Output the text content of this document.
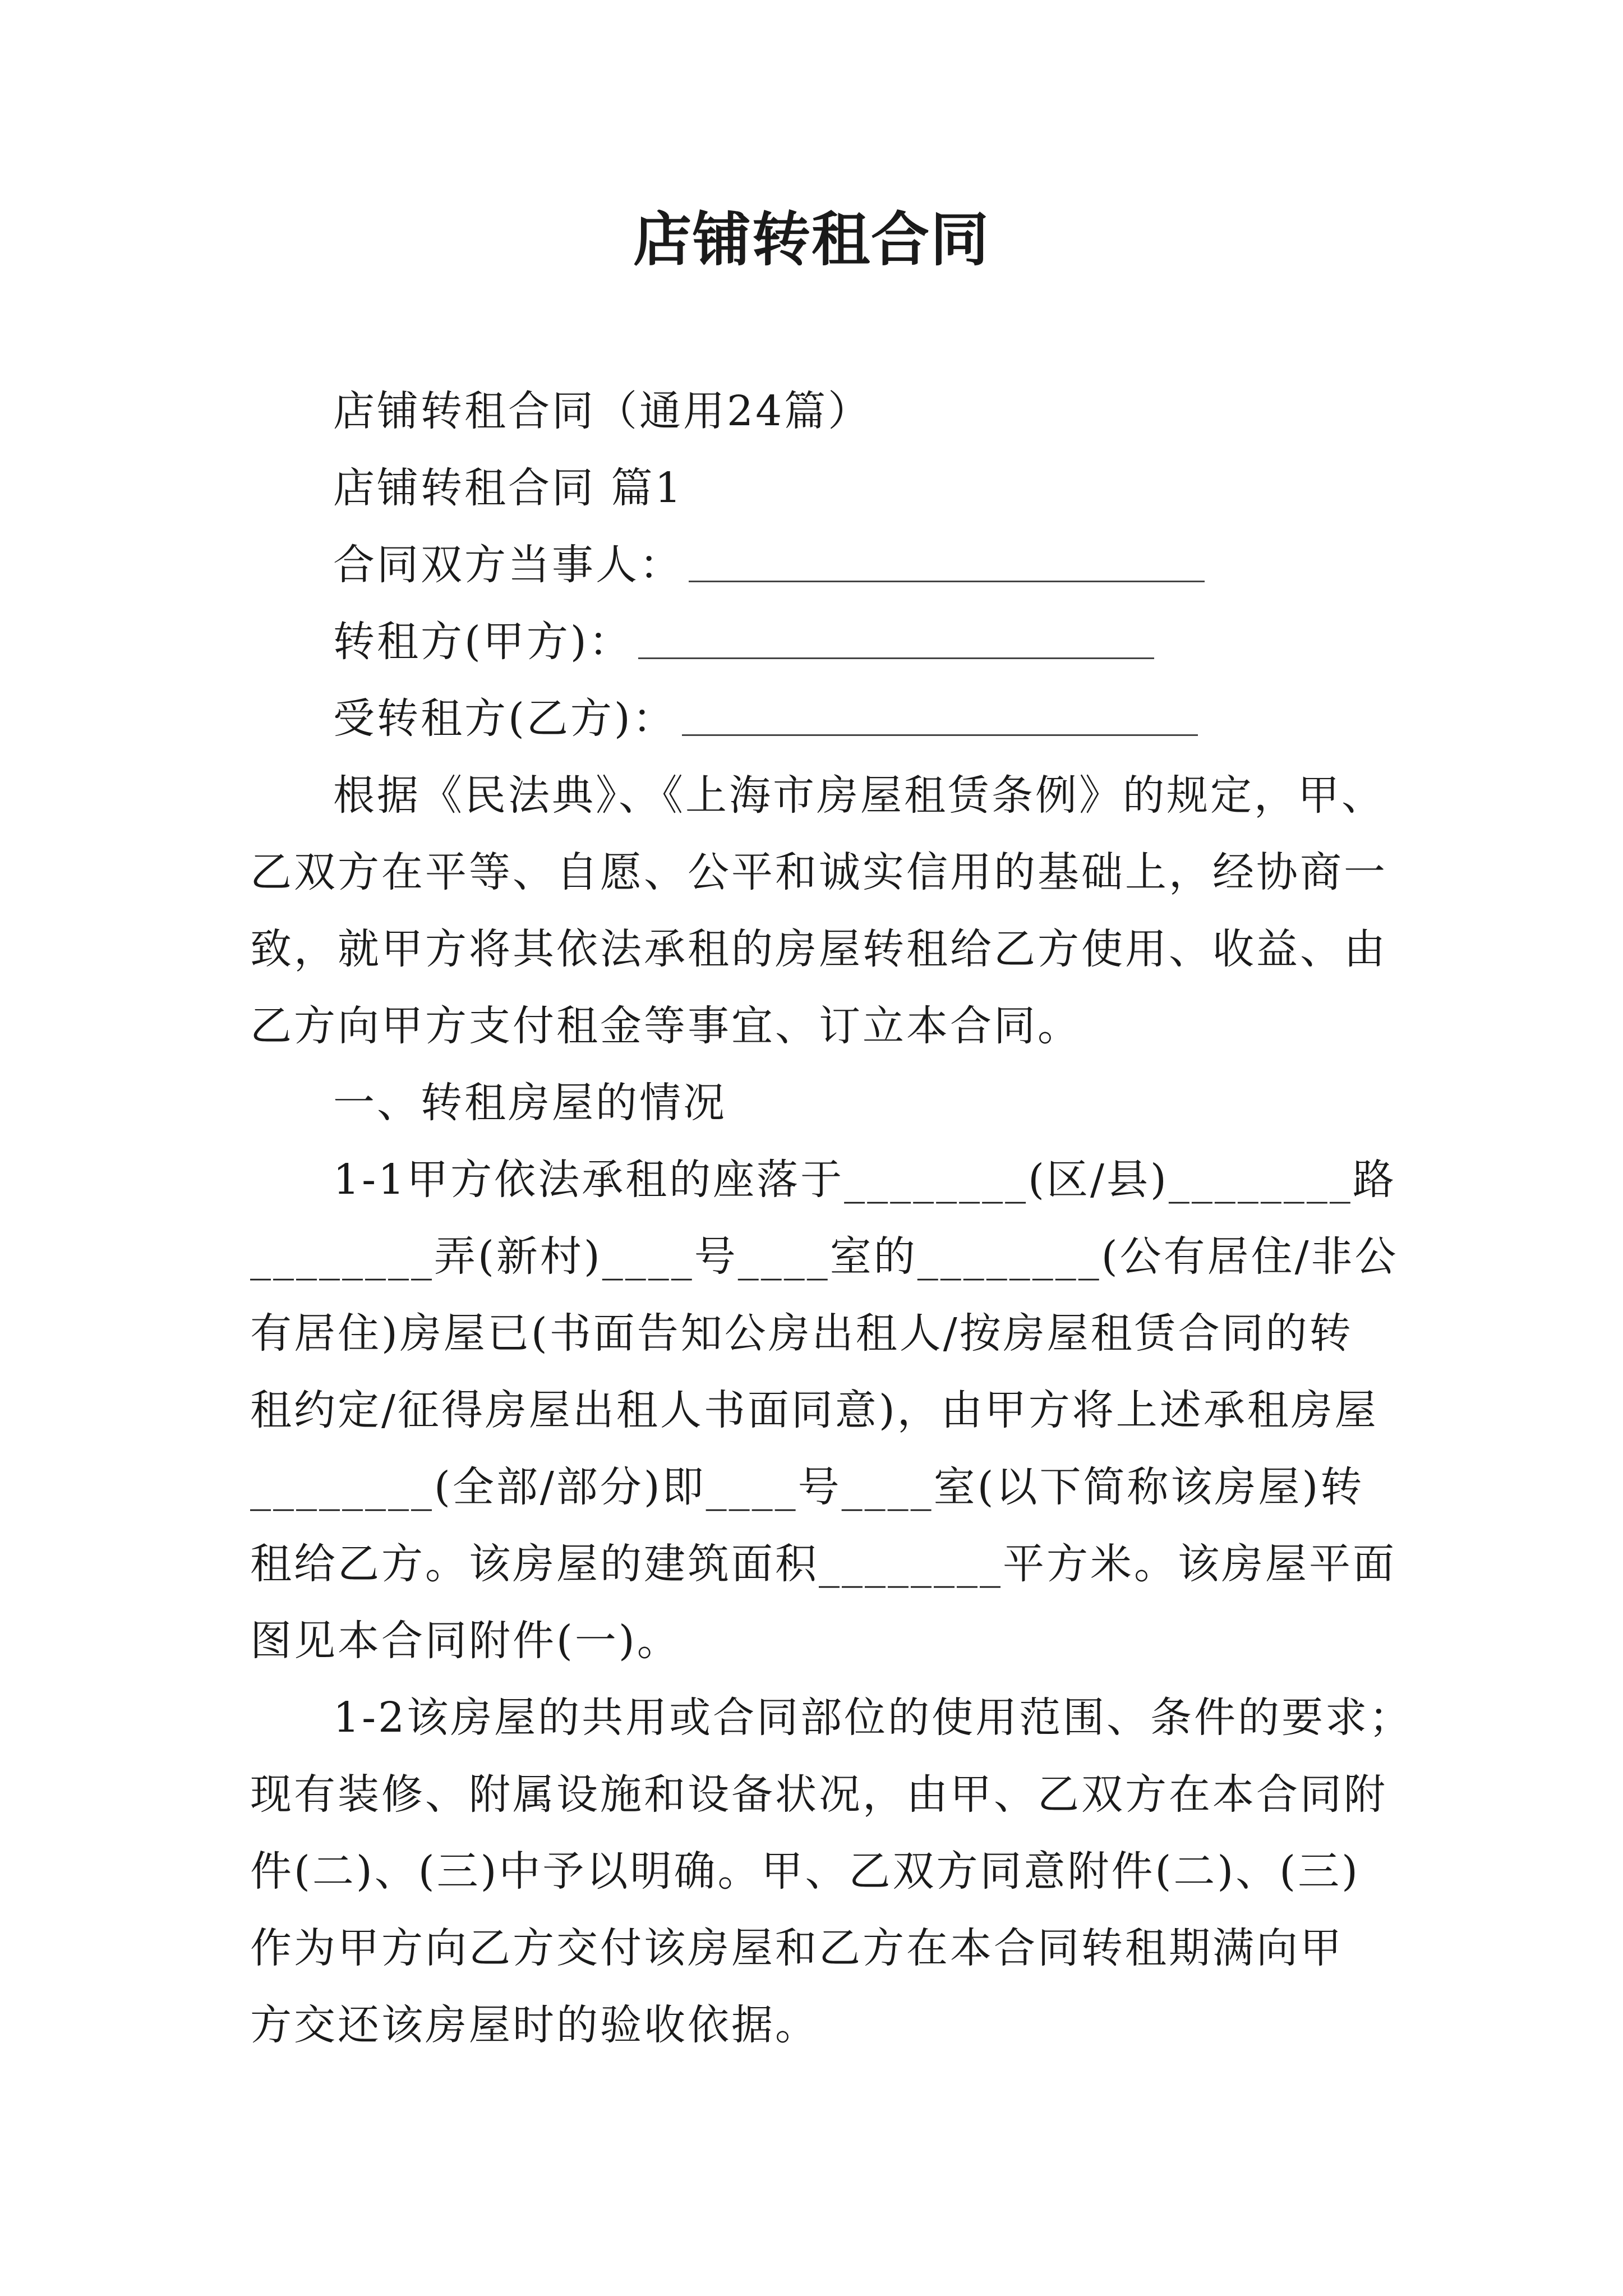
店铺转租合同

店铺转租合同（通用24篇）

店铺转租合同 篇1

合同双方当事人：

转租方(甲方)：

受转租方(乙方)：

根据《民法典》、《上海市房屋租赁条例》的规定，甲、

乙双方在平等、自愿、公平和诚实信用的基础上，经协商一

致，就甲方将其依法承租的房屋转租给乙方使用、收益、由

乙方向甲方支付租金等事宜、订立本合同。

一、转租房屋的情况

1-1甲方依法承租的座落于________(区/县)________路

________弄(新村)____号____室的________(公有居住/非公

有居住)房屋已(书面告知公房出租人/按房屋租赁合同的转

租约定/征得房屋出租人书面同意)，由甲方将上述承租房屋

________(全部/部分)即____号____室(以下简称该房屋)转

租给乙方。该房屋的建筑面积________平方米。该房屋平面

图见本合同附件(一)。

1-2该房屋的共用或合同部位的使用范围、条件的要求；

现有装修、附属设施和设备状况，由甲、乙双方在本合同附

件(二)、(三)中予以明确。甲、乙双方同意附件(二)、(三)

作为甲方向乙方交付该房屋和乙方在本合同转租期满向甲

方交还该房屋时的验收依据。
